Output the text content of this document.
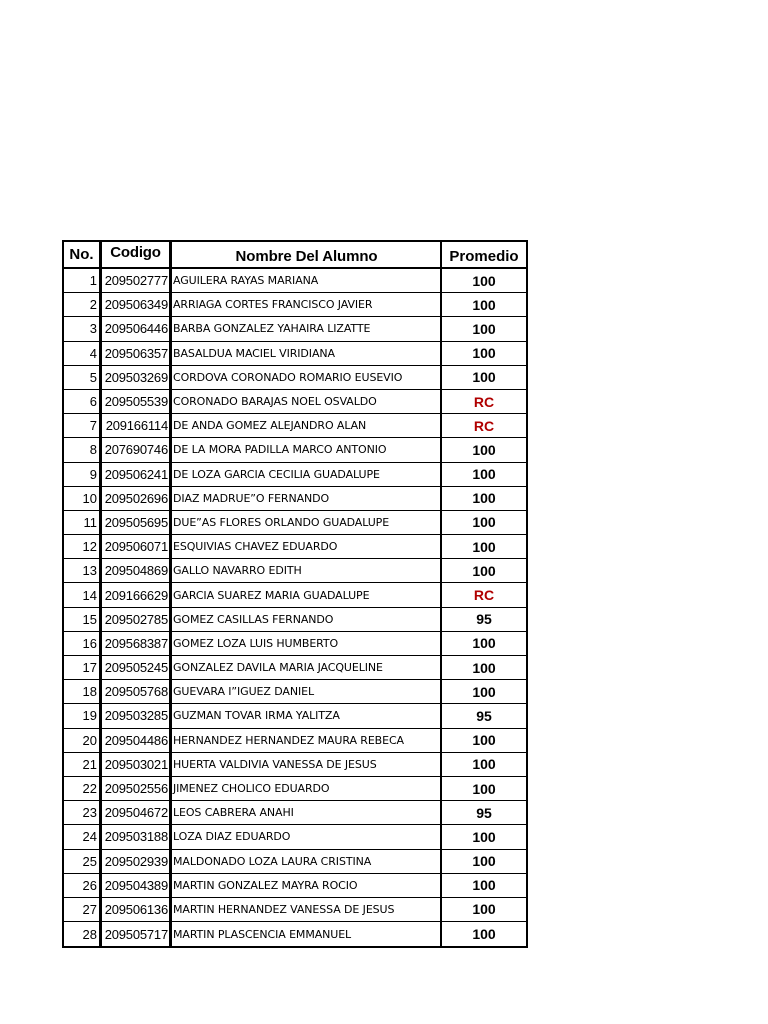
No.	Codigo	Nombre Del Alumno	Promedio
1 209502777 AGUILERA RAYAS MARIANA	100
2 209506349 ARRIAGA CORTES FRANCISCO JAVIER	100
3 209506446 BARBA GONZALEZ YAHAIRA LIZATTE	100
4 209506357 BASALDUA MACIEL VIRIDIANA	100
5 209503269 CORDOVA CORONADO ROMARIO EUSEVIO	100
6 209505539 CORONADO BARAJAS NOEL OSVALDO	RC
7 209166114 DE ANDA GOMEZ ALEJANDRO ALAN	RC
8 207690746 DE LA MORA PADILLA MARCO ANTONIO	100
9 209506241 DE LOZA GARCIA CECILIA GUADALUPE	100
10 209502696 DIAZ MADRUE”O FERNANDO	100
11 209505695 DUE”AS FLORES ORLANDO GUADALUPE	100
12 209506071 ESQUIVIAS CHAVEZ EDUARDO	100
13 209504869 GALLO NAVARRO EDITH	100
14 209166629 GARCIA SUAREZ MARIA GUADALUPE	RC
15 209502785 GOMEZ CASILLAS FERNANDO	95
16 209568387 GOMEZ LOZA LUIS HUMBERTO	100
17 209505245 GONZALEZ DAVILA MARIA JACQUELINE	100
18 209505768 GUEVARA I”IGUEZ DANIEL	100
19 209503285 GUZMAN TOVAR IRMA YALITZA	95
20 209504486 HERNANDEZ HERNANDEZ MAURA REBECA	100
21 209503021 HUERTA VALDIVIA VANESSA DE JESUS	100
22 209502556 JIMENEZ CHOLICO EDUARDO	100
23 209504672 LEOS CABRERA ANAHI	95
24 209503188 LOZA DIAZ EDUARDO	100
25 209502939 MALDONADO LOZA LAURA CRISTINA	100
26 209504389 MARTIN GONZALEZ MAYRA ROCIO	100
27 209506136 MARTIN HERNANDEZ VANESSA DE JESUS	100
28 209505717 MARTIN PLASCENCIA EMMANUEL	100
